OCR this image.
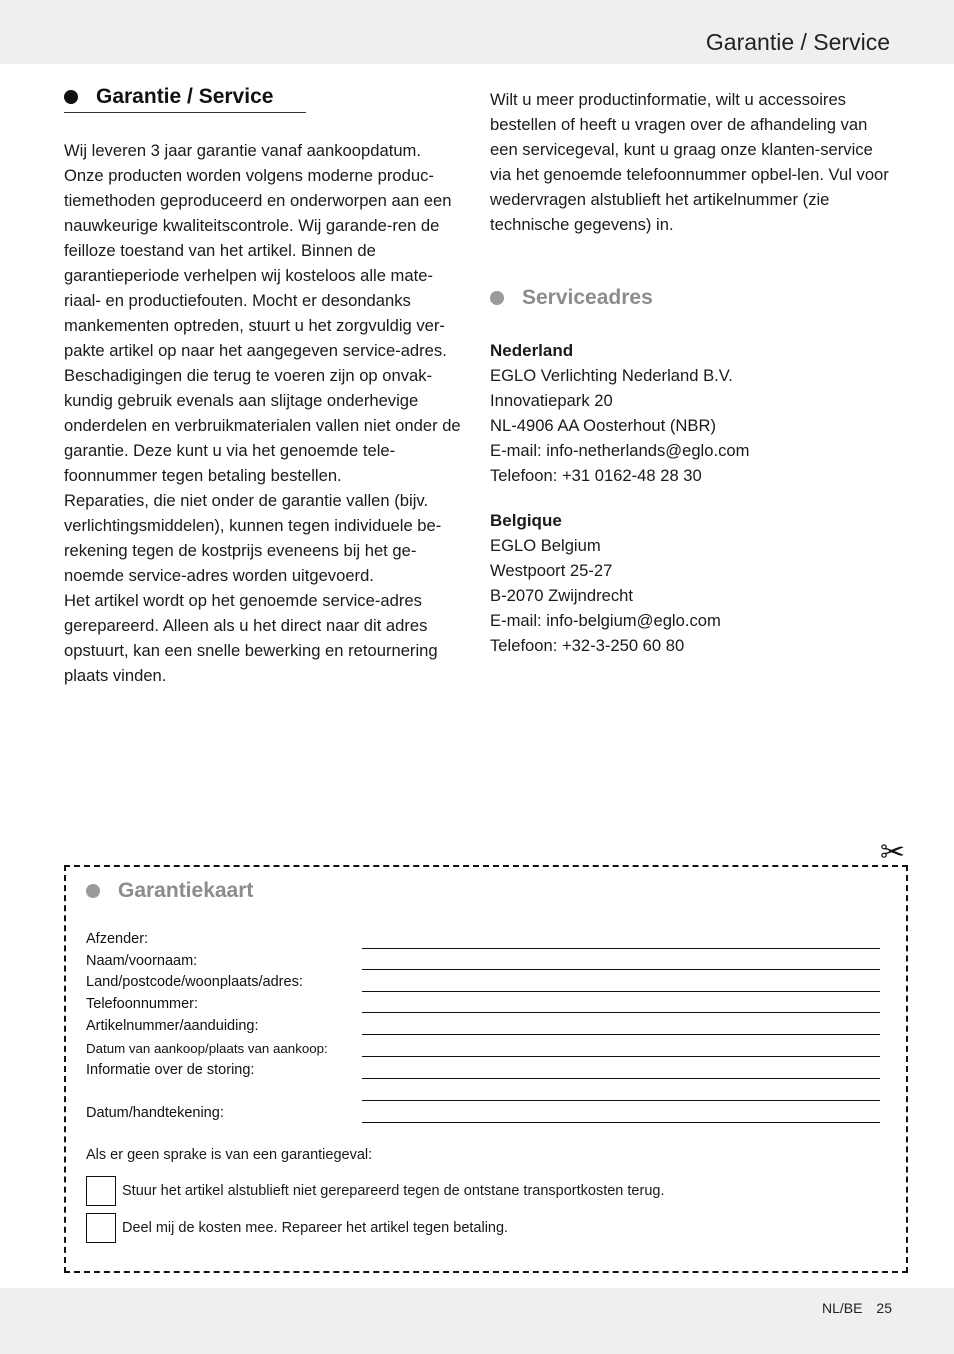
Garantie / Service
Garantie / Service

Wij leveren 3 jaar garantie vanaf aankoopdatum. Onze producten worden volgens moderne produc-tiemethoden geproduceerd en onderworpen aan een nauwkeurige kwaliteitscontrole. Wij garande-ren de feilloze toestand van het artikel. Binnen de garantieperiode verhelpen wij kosteloos alle mate-riaal- en productiefouten. Mocht er desondanks mankementen optreden, stuurt u het zorgvuldig ver-pakte artikel op naar het aangegeven service-adres.

Beschadigingen die terug te voeren zijn op onvak-kundig gebruik evenals aan slijtage onderhevige onderdelen en verbruikmaterialen vallen niet onder de garantie. Deze kunt u via het genoemde tele-foonnummer tegen betaling bestellen.

Reparaties, die niet onder de garantie vallen (bijv. verlichtingsmiddelen), kunnen tegen individuele be-rekening tegen de kostprijs eveneens bij het ge-noemde service-adres worden uitgevoerd.

Het artikel wordt op het genoemde service-adres gerepareerd. Alleen als u het direct naar dit adres opstuurt, kan een snelle bewerking en retournering plaats vinden.

Wilt u meer productinformatie, wilt u accessoires bestellen of heeft u vragen over de afhandeling van een servicegeval, kunt u graag onze klanten-service via het genoemde telefoonnummer opbel-len. Vul voor wedervragen alstublieft het artikelnummer (zie technische gegevens) in.

Serviceadres
Nederland
EGLO Verlichting Nederland B.V.
Innovatiepark 20
NL-4906 AA Oosterhout (NBR)
E-mail: info-netherlands@eglo.com
Telefoon: +31 0162-48 28 30
Belgique
EGLO Belgium
Westpoort 25-27
B-2070 Zwijndrecht
E-mail: info-belgium@eglo.com
Telefoon: +32-3-250 60 80
✂
Garantiekaart
Afzender:
Naam/voornaam:
Land/postcode/woonplaats/adres:
Telefoonnummer:
Artikelnummer/aanduiding:
Datum van aankoop/plaats van aankoop:
Informatie over de storing:
Datum/handtekening:
Als er geen sprake is van een garantiegeval:
Stuur het artikel alstublieft niet gerepareerd tegen de ontstane transportkosten terug.
Deel mij de kosten mee. Repareer het artikel tegen betaling.
NL/BE 25
